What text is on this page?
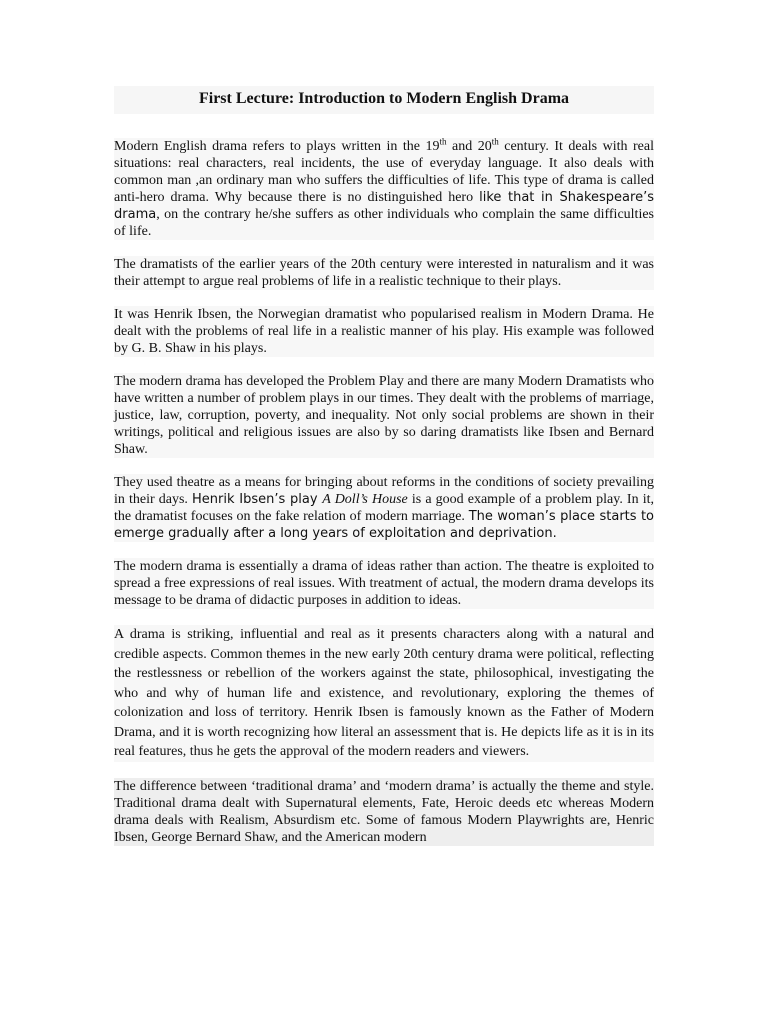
First Lecture: Introduction to Modern English Drama

Modern English drama refers to plays written in the 19th and 20th century. It deals with real situations: real characters, real incidents, the use of everyday language. It also deals with common man ,an ordinary man who suffers the difficulties of life. This type of drama is called anti-hero drama. Why because there is no distinguished hero like that in Shakespeare’s drama, on the contrary he/she suffers as other individuals who complain the same difficulties of life.

The dramatists of the earlier years of the 20th century were interested in naturalism and it was their attempt to argue real problems of life in a realistic technique to their plays.

It was Henrik Ibsen, the Norwegian dramatist who popularised realism in Modern Drama. He dealt with the problems of real life in a realistic manner of his play. His example was followed by G. B. Shaw in his plays.

The modern drama has developed the Problem Play and there are many Modern Dramatists who have written a number of problem plays in our times. They dealt with the problems of marriage, justice, law, corruption, poverty, and inequality. Not only social problems are shown in their writings, political and religious issues are also by so daring dramatists like Ibsen and Bernard Shaw.

They used theatre as a means for bringing about reforms in the conditions of society prevailing in their days. Henrik Ibsen’s play A Doll’s House is a good example of a problem play. In it, the dramatist focuses on the fake relation of modern marriage. The woman’s place starts to emerge gradually after a long years of exploitation and deprivation.

The modern drama is essentially a drama of ideas rather than action. The theatre is exploited to spread a free expressions of real issues. With treatment of actual, the modern drama develops its message to be drama of didactic purposes in addition to ideas.

A drama is striking, influential and real as it presents characters along with a natural and credible aspects. Common themes in the new early 20th century drama were political, reflecting the restlessness or rebellion of the workers against the state, philosophical, investigating the who and why of human life and existence, and revolutionary, exploring the themes of colonization and loss of territory. Henrik Ibsen is famously known as the Father of Modern Drama, and it is worth recognizing how literal an assessment that is. He depicts life as it is in its real features, thus he gets the approval of the modern readers and viewers.

The difference between ‘traditional drama’ and ‘modern drama’ is actually the theme and style. Traditional drama dealt with Supernatural elements, Fate, Heroic deeds etc whereas Modern drama deals with Realism, Absurdism etc. Some of famous Modern Playwrights are, Henric Ibsen, George Bernard Shaw, and the American modern
